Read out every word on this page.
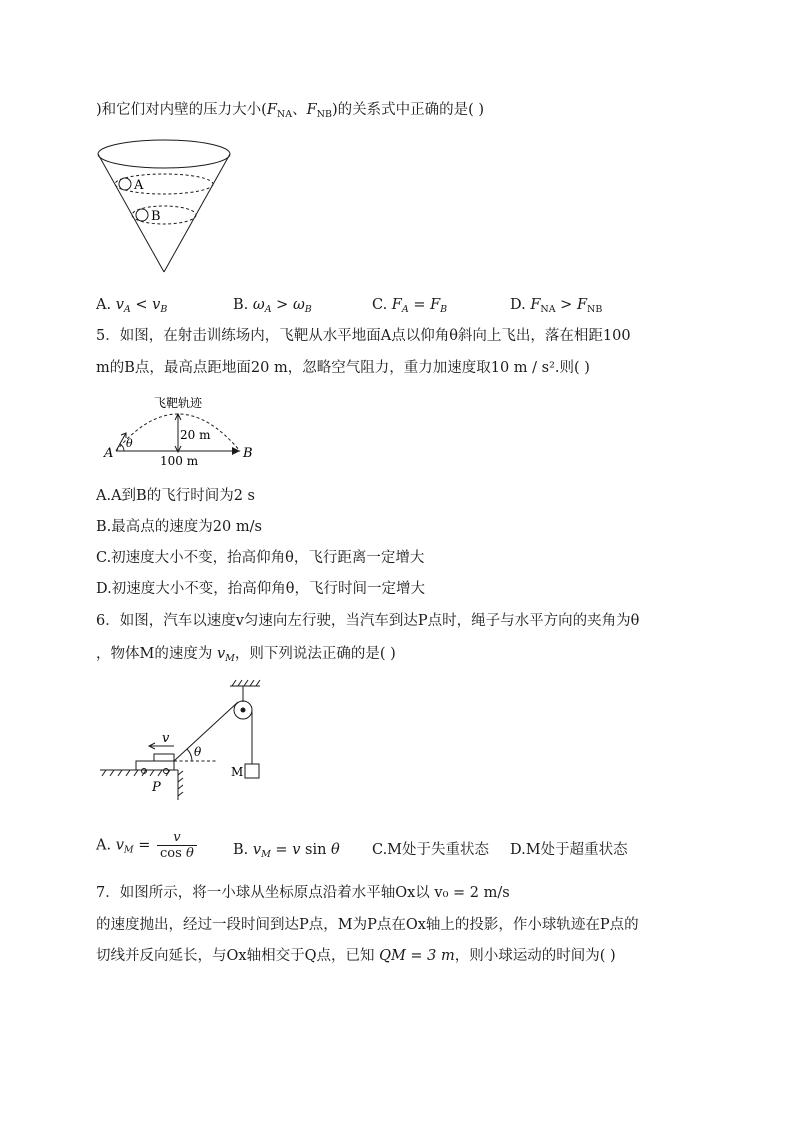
)和它们对内壁的压力大小($F_{NA}$、$F_{NB}$)的关系式中正确的是( )
A
B
A. $v_A < v_B$	B. $\omega_A > \omega_B$	C. $F_A = F_B$	D. $F_{NA} > F_{NB}$
5．如图，在射击训练场内，飞靶从水平地面A点以仰角θ斜向上飞出，落在相距100
m的B点，最高点距地面20 m，忽略空气阻力，重力加速度取10 m / s².则( )
飞靶轨迹
20 m
100 m
A	B
θ
A.A到B的飞行时间为2 s
B.最高点的速度为20 m/s
C.初速度大小不变，抬高仰角θ，飞行距离一定增大
D.初速度大小不变，抬高仰角θ，飞行时间一定增大
6．如图，汽车以速度v匀速向左行驶，当汽车到达P点时，绳子与水平方向的夹角为θ
，物体M的速度为 $v_M$，则下列说法正确的是( )
v
θ
P
M
A. $v_M = \frac{v}{\text{cos θ}} B$. $v_M = v$ sin θ C.M处于失重状态 D.M处于超重状态
7．如图所示，将一小球从坐标原点沿着水平轴Ox以 v₀ = 2 m/s
的速度抛出，经过一段时间到达P点，M为P点在Ox轴上的投影，作小球轨迹在P点的
切线并反向延长，与Ox轴相交于Q点，已知 QM = 3 m，则小球运动的时间为( )
